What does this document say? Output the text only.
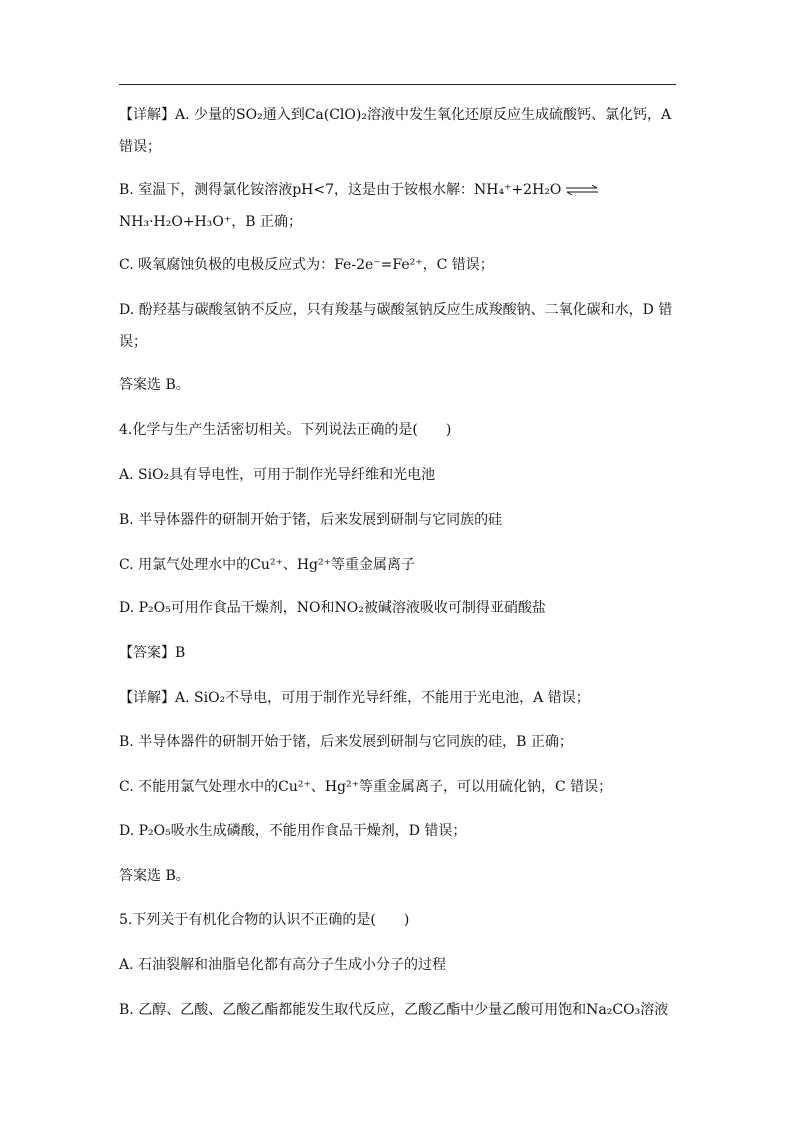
【详解】A. 少量的SO₂通入到Ca(ClO)₂溶液中发生氧化还原反应生成硫酸钙、氯化钙，A
错误；
B. 室温下，测得氯化铵溶液pH<7，这是由于铵根水解：NH₄⁺+2H₂O ⇌
NH₃·H₂O+H₃O⁺，B 正确；
C. 吸氧腐蚀负极的电极反应式为：Fe-2e⁻=Fe²⁺，C 错误；
D. 酚羟基与碳酸氢钠不反应，只有羧基与碳酸氢钠反应生成羧酸钠、二氧化碳和水，D 错
误；
答案选 B。
4.化学与生产生活密切相关。下列说法正确的是(　　)
A. SiO₂具有导电性，可用于制作光导纤维和光电池
B. 半导体器件的研制开始于锗，后来发展到研制与它同族的硅
C. 用氯气处理水中的Cu²⁺、Hg²⁺等重金属离子
D. P₂O₅可用作食品干燥剂，NO和NO₂被碱溶液吸收可制得亚硝酸盐
【答案】B
【详解】A. SiO₂不导电，可用于制作光导纤维，不能用于光电池，A 错误；
B. 半导体器件的研制开始于锗，后来发展到研制与它同族的硅，B 正确；
C. 不能用氯气处理水中的Cu²⁺、Hg²⁺等重金属离子，可以用硫化钠，C 错误；
D. P₂O₅吸水生成磷酸，不能用作食品干燥剂，D 错误；
答案选 B。
5.下列关于有机化合物的认识不正确的是(　　)
A. 石油裂解和油脂皂化都有高分子生成小分子的过程
B. 乙醇、乙酸、乙酸乙酯都能发生取代反应，乙酸乙酯中少量乙酸可用饱和Na₂CO₃溶液
